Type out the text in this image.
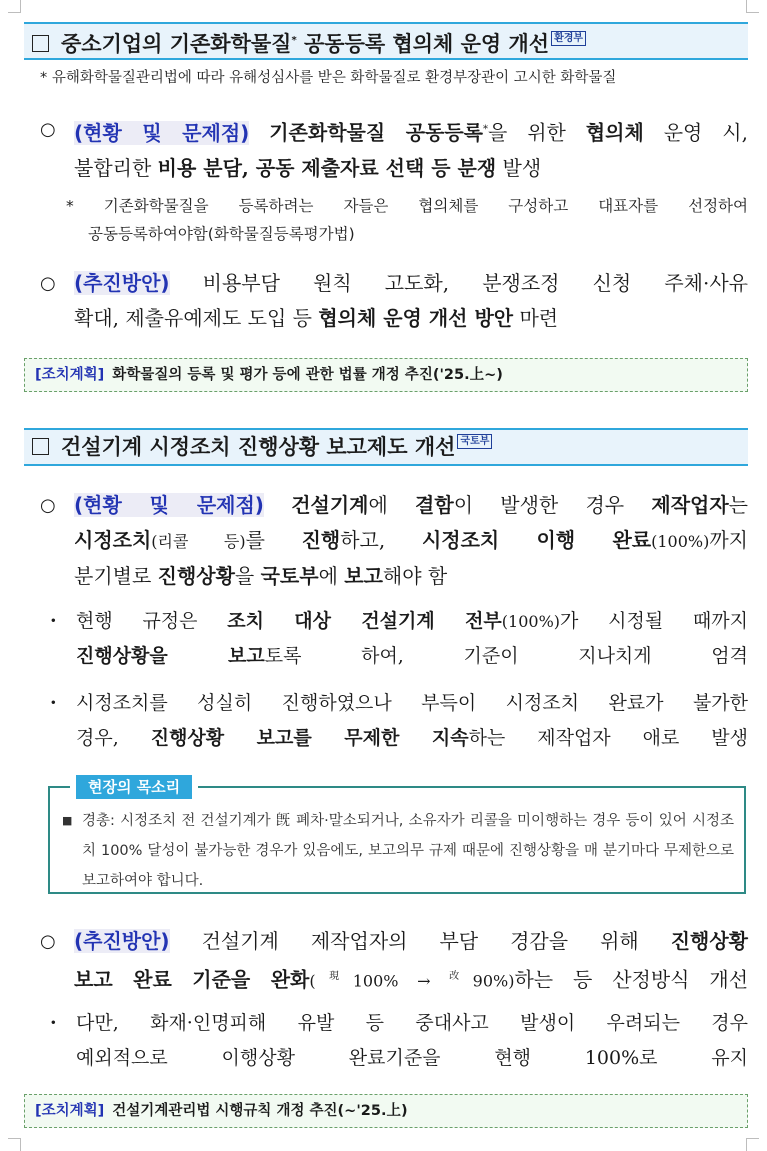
중소기업의 기존화학물질* 공동등록 협의체 운영 개선 환경부
* 유해화학물질관리법에 따라 유해성심사를 받은 화학물질로 환경부장관이 고시한 화학물질
○ (현황 및 문제점) 기존화학물질 공동등록*을 위한 협의체 운영 시,
불합리한 비용 분담, 공동 제출자료 선택 등 분쟁 발생
* 기존화학물질을 등록하려는 자들은 협의체를 구성하고 대표자를 선정하여
공동등록하여야함(화학물질등록평가법)
○ (추진방안) 비용부담 원칙 고도화, 분쟁조정 신청 주체·사유
확대, 제출유예제도 도입 등 협의체 운영 개선 방안 마련
[조치계획] 화학물질의 등록 및 평가 등에 관한 법률 개정 추진('25.上~)
건설기계 시정조치 진행상황 보고제도 개선 국토부
○ (현황 및 문제점) 건설기계에 결함이 발생한 경우 제작업자는
시정조치(리콜 등)를 진행하고, 시정조치 이행 완료(100%)까지
분기별로 진행상황을 국토부에 보고해야 함
· 현행 규정은 조치 대상 건설기계 전부(100%)가 시정될 때까지
진행상황을 보고토록 하여, 기준이 지나치게 엄격
· 시정조치를 성실히 진행하였으나 부득이 시정조치 완료가 불가한
경우, 진행상황 보고를 무제한 지속하는 제작업자 애로 발생
현장의 목소리
■ 경총: 시정조치 전 건설기계가 旣 폐차·말소되거나, 소유자가 리콜을 미이행하는 경우 등이 있어 시정조치 100% 달성이 불가능한 경우가 있음에도, 보고의무 규제 때문에 진행상황을 매 분기마다 무제한으로 보고하여야 합니다.
○ (추진방안) 건설기계 제작업자의 부담 경감을 위해 진행상황
보고 완료 기준을 완화($^現$100% → $^改$90%)하는 등 산정방식 개선
· 다만, 화재·인명피해 유발 등 중대사고 발생이 우려되는 경우
예외적으로 이행상황 완료기준을 현행 100%로 유지
[조치계획] 건설기계관리법 시행규칙 개정 추진(~'25.上)
